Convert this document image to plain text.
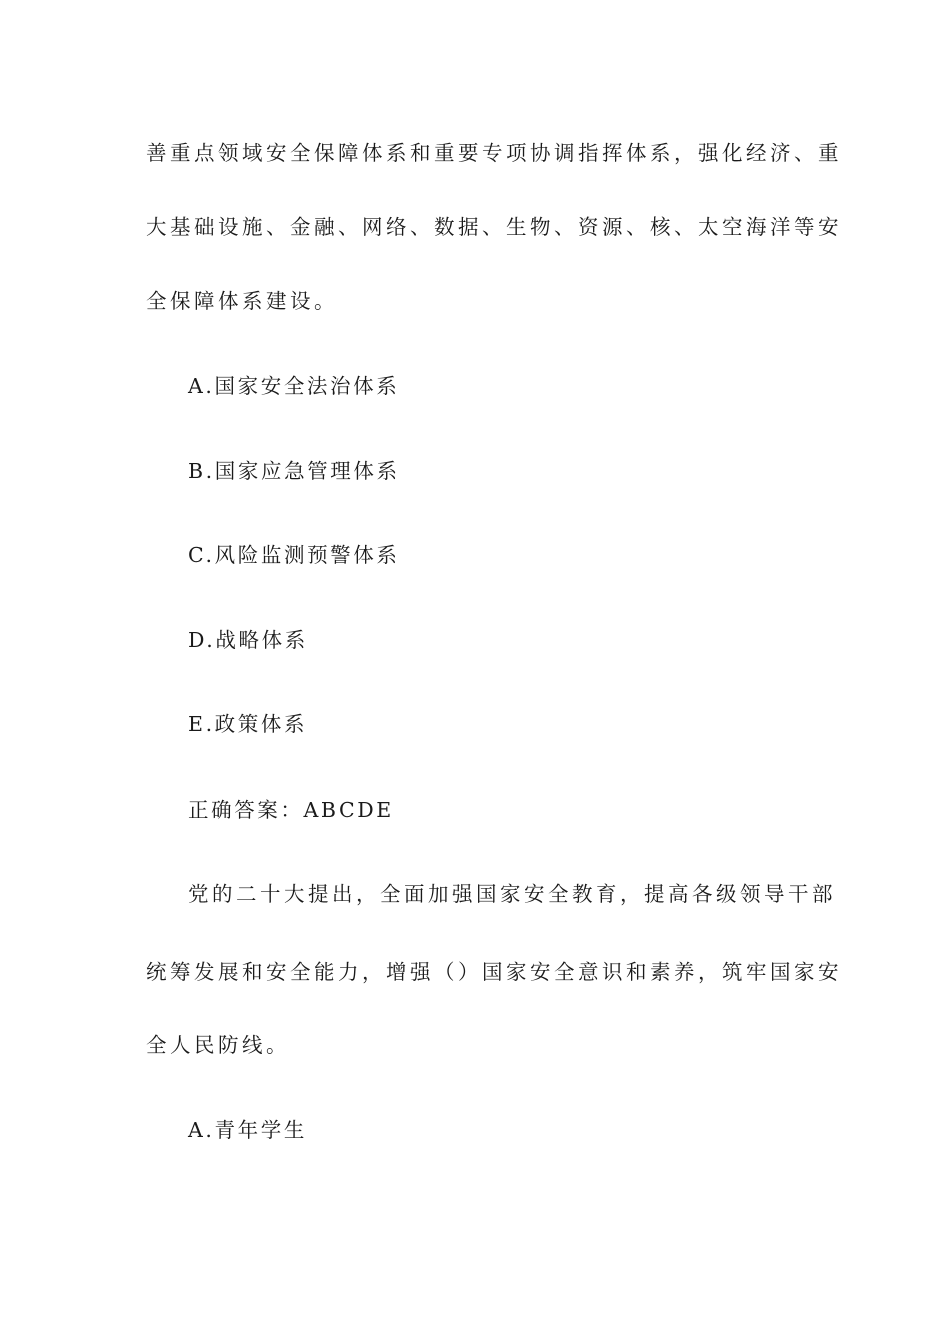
善重点领域安全保障体系和重要专项协调指挥体系，强化经济、重
大基础设施、金融、网络、数据、生物、资源、核、太空海洋等安
全保障体系建设。
A.国家安全法治体系
B.国家应急管理体系
C.风险监测预警体系
D.战略体系
E.政策体系
正确答案：ABCDE
党的二十大提出，全面加强国家安全教育，提高各级领导干部
统筹发展和安全能力，增强（）国家安全意识和素养，筑牢国家安
全人民防线。
A.青年学生
